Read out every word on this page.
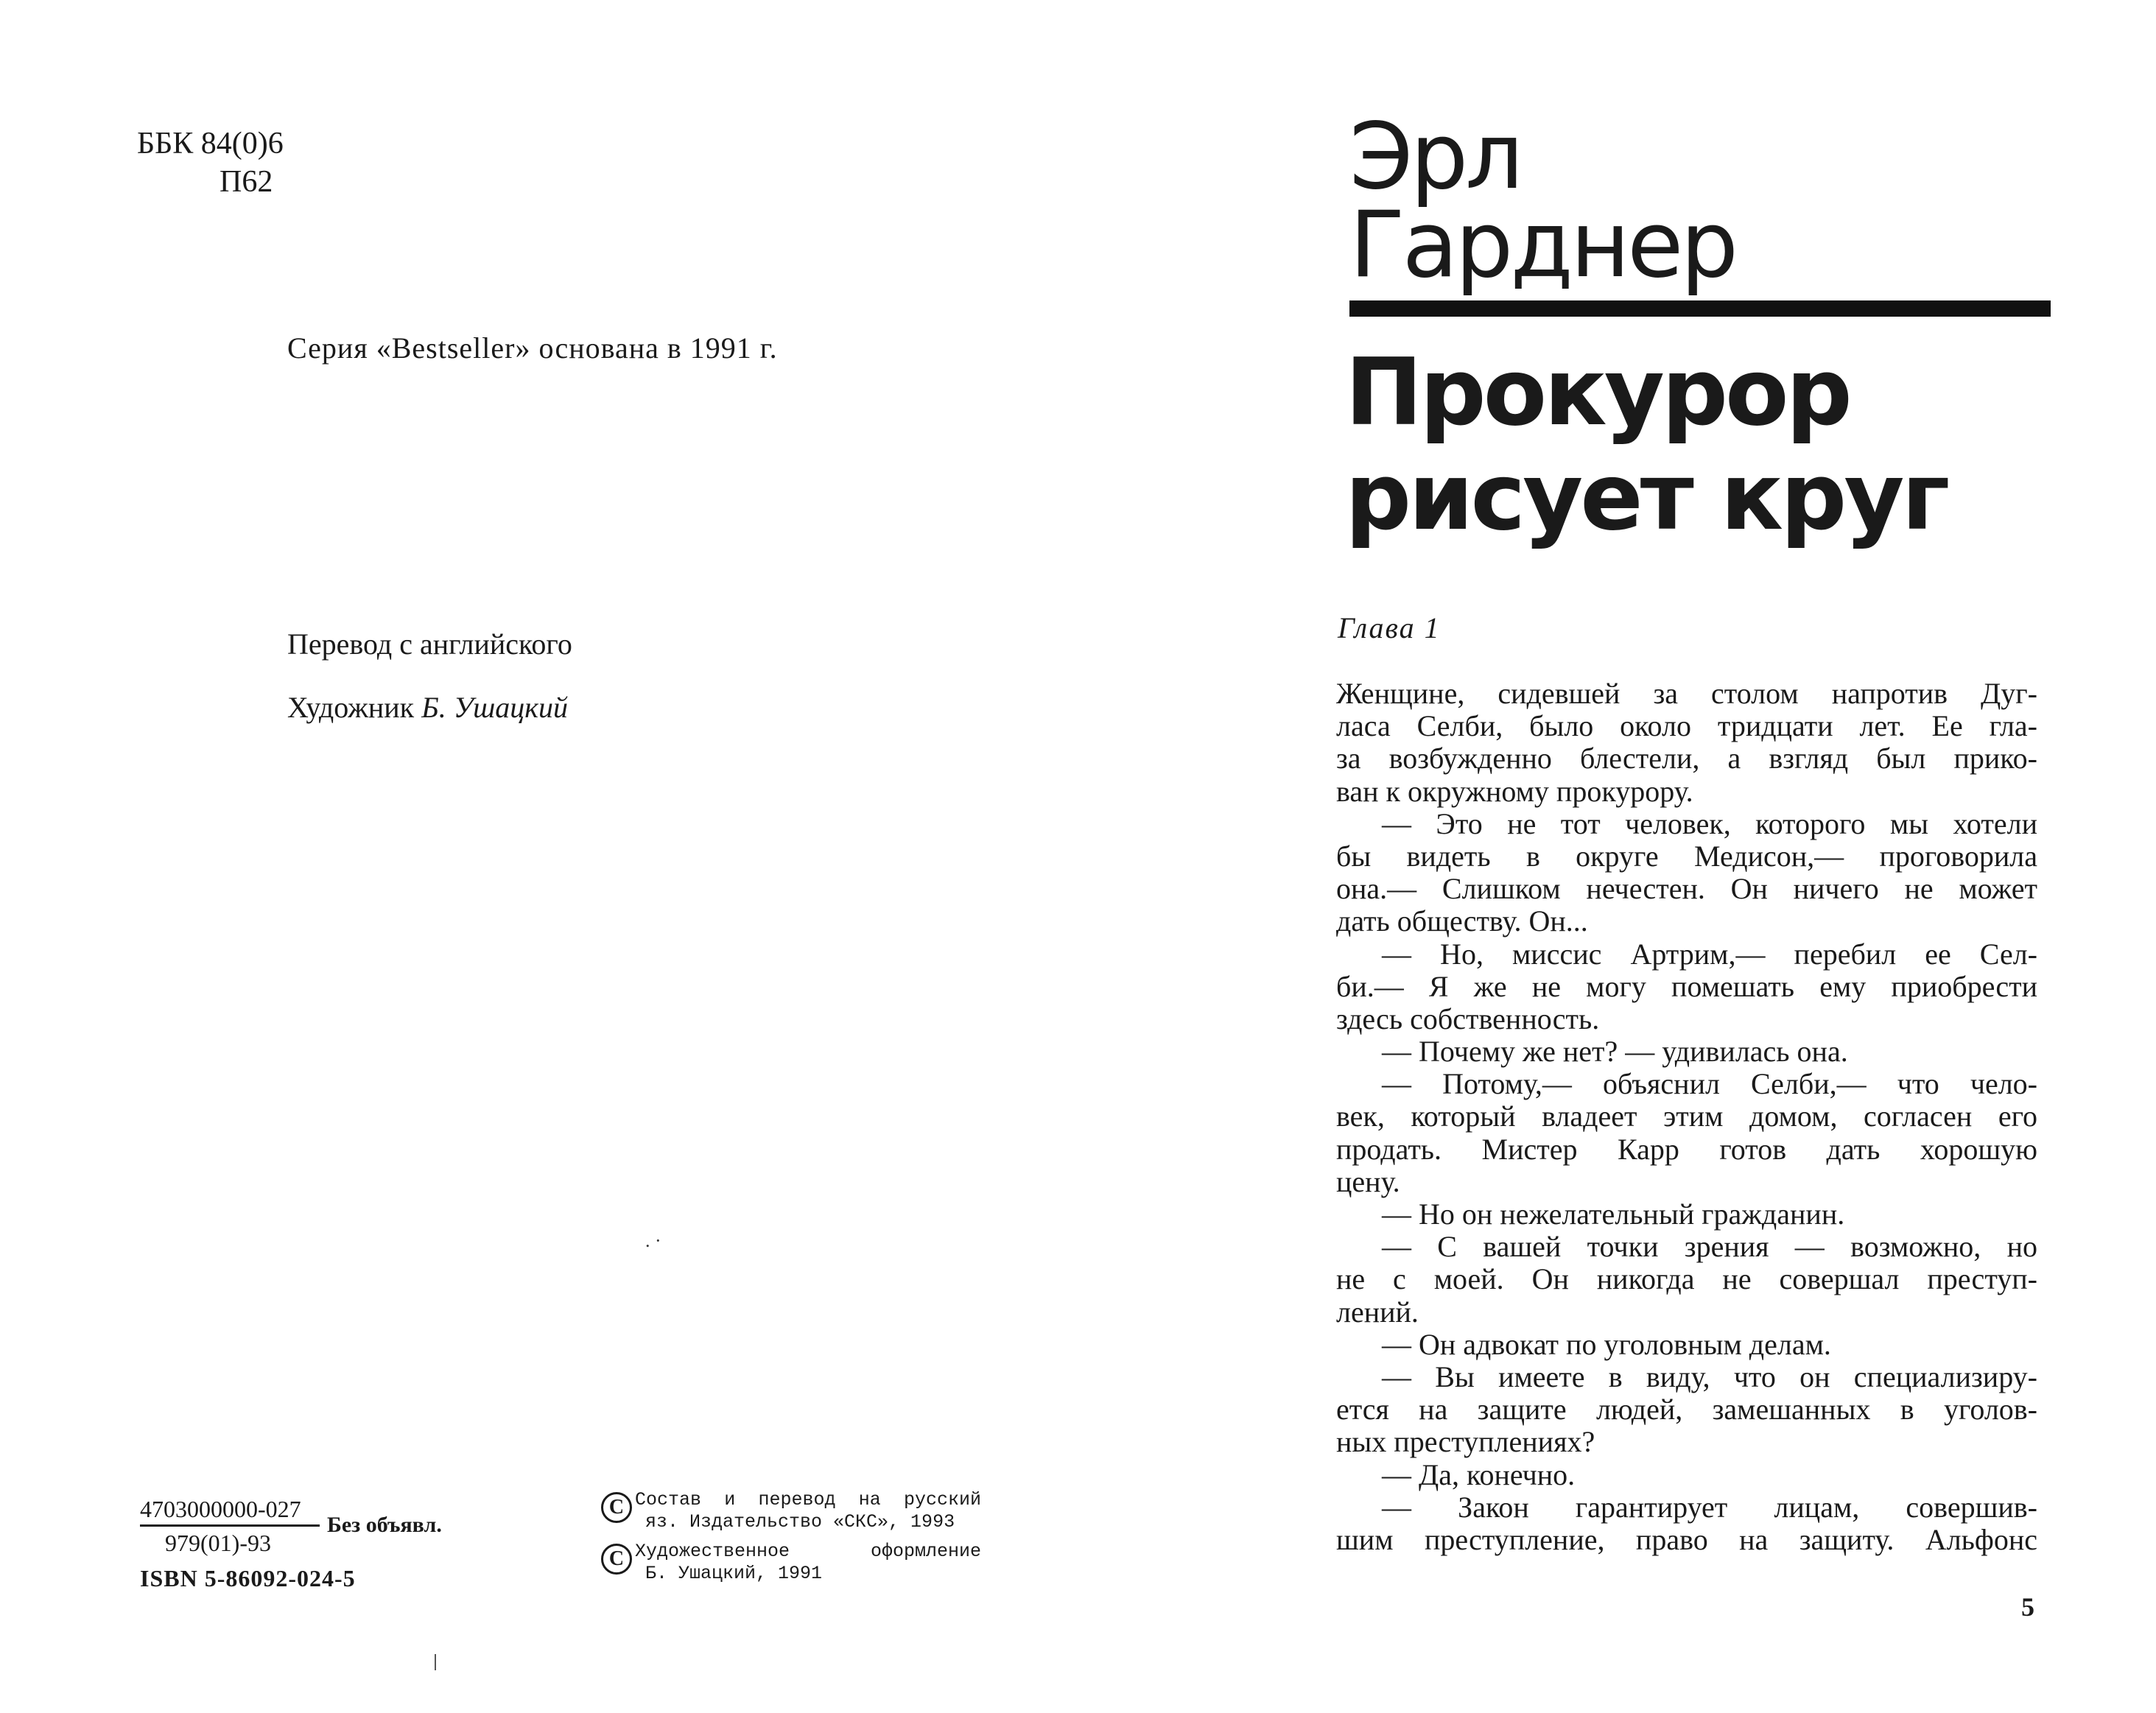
ББК 84(0)6
П62
Серия «Bestseller» основана в 1991 г.
Перевод с английского
Художник Б. Ушацкий
. ·
4703000000-027
979(01)-93
Без объявл.
ISBN 5-86092-024-5
C Состав и перевод на русский
яз. Издательство «СКС», 1993
C Художественное	оформление
Б. Ушацкий, 1991
Эрл
Гарднер
Прокурор
рисует круг
Глава 1
Женщине, сидевшей за столом напротив Дуг-
ласа Селби, было около тридцати лет. Ее гла-
за возбужденно блестели, а взгляд был прико-
ван к окружному прокурору.
— Это не тот человек, которого мы хотели
бы видеть в округе Медисон,— проговорила
она.— Слишком нечестен. Он ничего не может
дать обществу. Он...
— Но, миссис Артрим,— перебил ее Сел-
би.— Я же не могу помешать ему приобрести
здесь собственность.
— Почему же нет? — удивилась она.
— Потому,— объяснил Селби,— что чело-
век, который владеет этим домом, согласен его
продать. Мистер Карр готов дать хорошую
цену.
— Но он нежелательный гражданин.
— С вашей точки зрения — возможно, но
не с моей. Он никогда не совершал преступ-
лений.
— Он адвокат по уголовным делам.
— Вы имеете в виду, что он специализиру-
ется на защите людей, замешанных в уголов-
ных преступлениях?
— Да, конечно.
— Закон гарантирует лицам, совершив-
шим преступление, право на защиту. Альфонс
5
